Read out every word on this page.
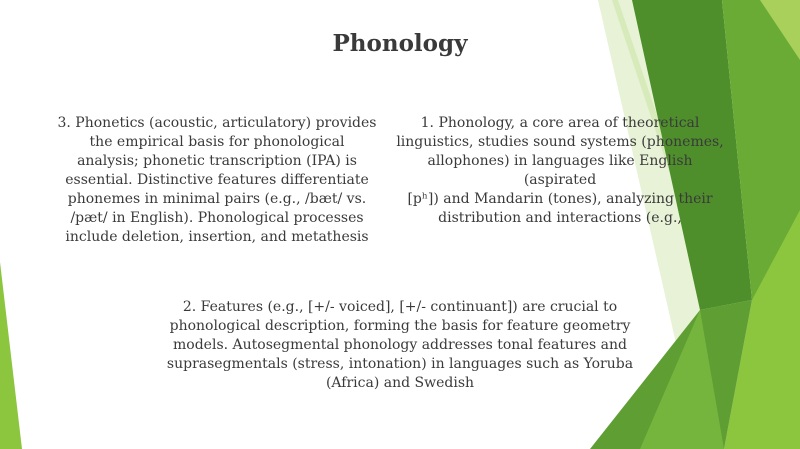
Phonology
3. Phonetics (acoustic, articulatory) provides
the empirical basis for phonological
analysis; phonetic transcription (IPA) is
essential. Distinctive features differentiate
phonemes in minimal pairs (e.g., /bæt/ vs.
/pæt/ in English). Phonological processes
include deletion, insertion, and metathesis
1. Phonology, a core area of theoretical
linguistics, studies sound systems (phonemes,
allophones) in languages like English (aspirated
[pʰ]) and Mandarin (tones), analyzing their
distribution and interactions (e.g.,
2. Features (e.g., [+/- voiced], [+/- continuant]) are crucial to
phonological description, forming the basis for feature geometry
models. Autosegmental phonology addresses tonal features and
suprasegmentals (stress, intonation) in languages such as Yoruba
(Africa) and Swedish
